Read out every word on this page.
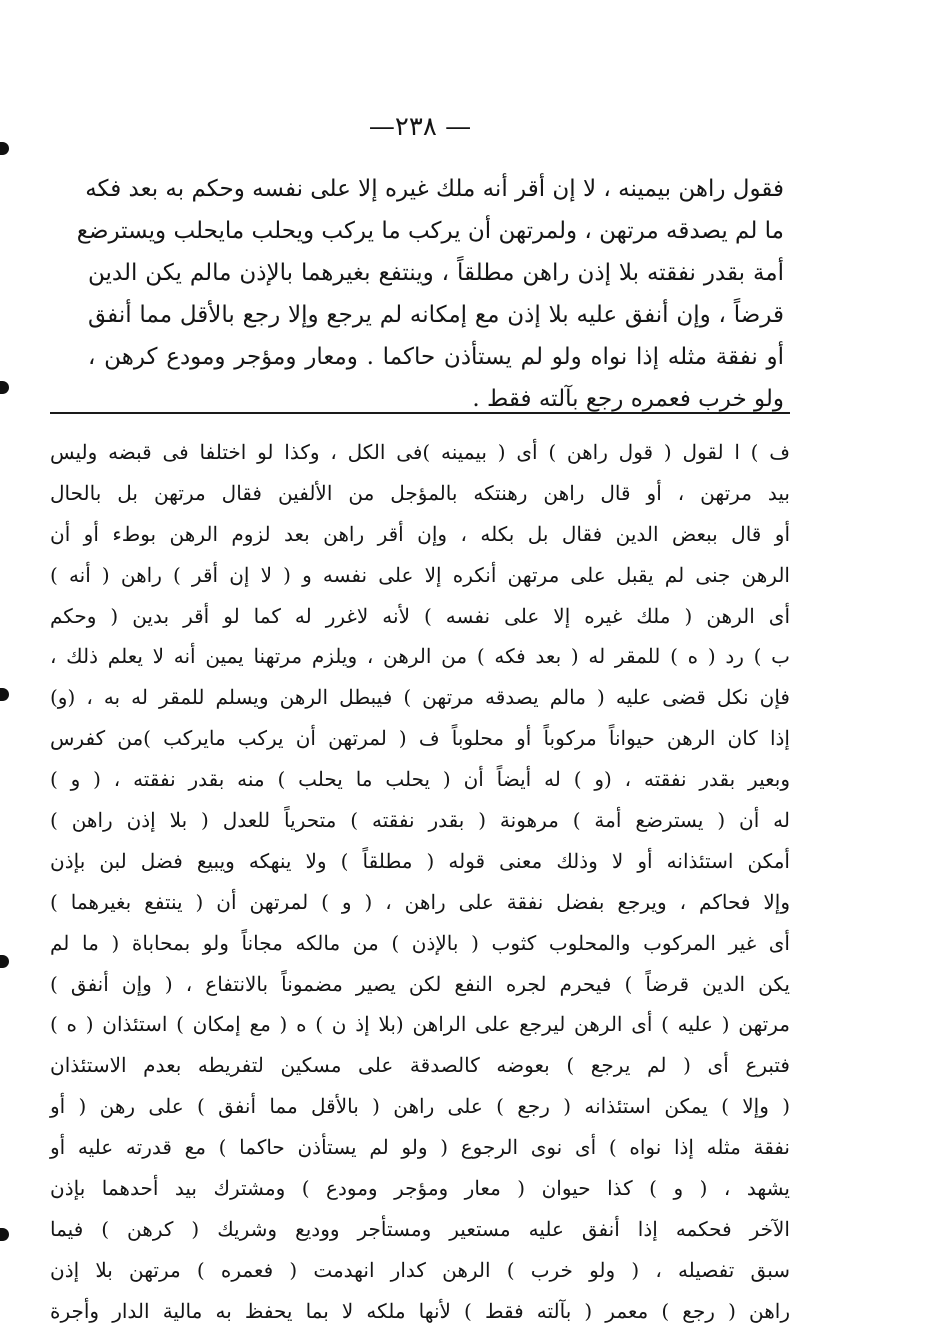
—٢٣٨ —
فقول راهن بيمينه ، لا إن أقر أنه ملك غيره إلا على نفسه وحكم به بعد فكه
ما لم يصدقه مرتهن ، ولمرتهن أن يركب ما يركب ويحلب مايحلب ويسترضع
أمة بقدر نفقته بلا إذن راهن مطلقاً ، وينتفع بغيرهما بالإذن مالم يكن الدين
قرضاً ، وإن أنفق عليه بلا إذن مع إمكانه لم يرجع وإلا رجع بالأقل مما أنفق
أو نفقة مثله إذا نواه ولو لم يستأذن حاكما . ومعار ومؤجر ومودع كرهن ،
ولو خرب فعمره رجع بآلته فقط .
ف ) ا لقول ( قول راهن ) أى ( بيمينه )فى الكل ، وكذا لو اختلفا فى قبضه وليس
بيد مرتهن ، أو قال راهن رهنتكه بالمؤجل من الألفين فقال مرتهن بل بالحال
أو قال ببعض الدين فقال بل بكله ، وإن أقر راهن بعد لزوم الرهن بوطء أو أن
الرهن جنى لم يقبل على مرتهن أنكره إلا على نفسه و ( لا إن أقر ) راهن ( أنه )
أى الرهن ( ملك غيره إلا على نفسه ) لأنه لاغرر له كما لو أقر بدين ( وحكم
ب ) رد ( ه ) للمقر له ( بعد فكه ) من الرهن ، ويلزم مرتهنا يمين أنه لا يعلم ذلك ،
فإن نكل قضى عليه ( مالم يصدقه مرتهن ) فيبطل الرهن ويسلم للمقر له به ، (و)
إذا كان الرهن حيواناً مركوباً أو محلوباً ف ( لمرتهن أن يركب مايركب )من كفرس
وبعير بقدر نفقته ، (و ) له أيضاً أن ( يحلب ما يحلب ) منه بقدر نفقته ، ( و )
له أن ( يسترضع أمة ) مرهونة ( بقدر نفقته ) متحرياً للعدل ( بلا إذن راهن )
أمكن استئذانه أو لا وذلك معنى قوله ( مطلقاً ) ولا ينهكه ويبيع فضل لبن بإذن
وإلا فحاكم ، ويرجع بفضل نفقة على راهن ، ( و ) لمرتهن أن ( ينتفع بغيرهما )
أى غير المركوب والمحلوب كثوب ( بالإذن ) من مالكه مجاناً ولو بمحاباة ( ما لم
يكن الدين قرضاً ) فيحرم لجره النفع لكن يصير مضموناً بالانتفاع ، ( وإن أنفق )
مرتهن ( عليه ) أى الرهن ليرجع على الراهن (بلا إذ ن ) ه ( مع إمكان ) استئذان ( ه )
فتبرع أى ( لم يرجع ) بعوضه كالصدقة على مسكين لتفريطه بعدم الاستئذان
( وإلا ) يمكن استئذانه ( رجع ) على راهن ( بالأقل مما أنفق ) على رهن ( أو
نفقة مثله إذا نواه ) أى نوى الرجوع ( ولو لم يستأذن حاكما ) مع قدرته عليه أو
يشهد ، ( و ) كذا حيوان ( معار ومؤجر ومودع ) ومشترك بيد أحدهما بإذن
الآخر فحكمه إذا أنفق عليه مستعير ومستأجر ووديع وشريك ( كرهن ) فيما
سبق تفصيله ، ( ولو خرب ) الرهن كدار انهدمت ( فعمره ) مرتهن بلا إذن
راهن ( رجع ) معمر ( بآلته فقط ) لأنها ملكه لا بما يحفظ به مالية الدار وأجرة
